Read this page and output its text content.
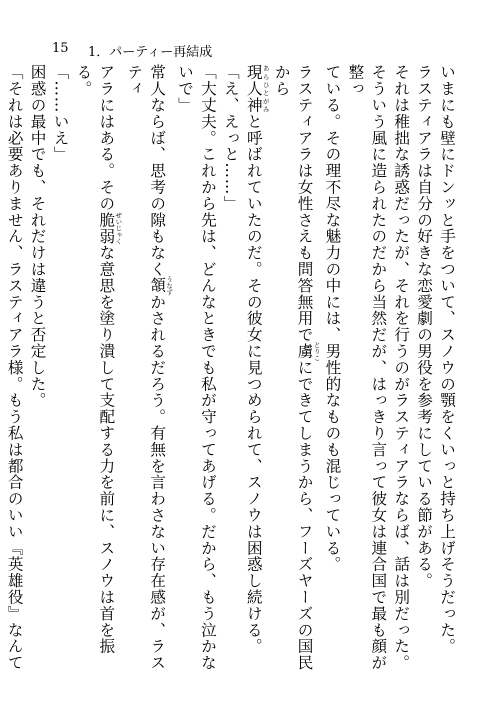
15	1．パーティー再結成

いまにも壁にドンッと手をついて、スノウの顎をくいっと持ち上げそうだった。

ラスティアラは自分の好きな恋愛劇の男役を参考にしている節がある。

それは稚拙な誘惑だったが、それを行うのがラスティアラならば、話は別だった。

そういう風に造られたのだから当然だが、はっきり言って彼女は連合国で最も顔が整っ

ている。その理不尽な魅力の中には、男性的なものも混じっている。

ラスティアラは女性さえも問答無用で虜 とりこにできてしまうから、フーズヤーズの国民から

現人神 あらひとがみと呼ばれていたのだ。その彼女に見つめられて、スノウは困惑し続ける。

「え、えっと……」

「大丈夫。これから先は、どんなときでも私が守ってあげる。だから、もう泣かないで」

常人ならば、思考の隙もなく頷 うなずかされるだろう。有無を言わさない存在感が、ラスティ

アラにはある。その脆弱 ぜいじゃくな意思を塗り潰して支配する力を前に、スノウは首を振る。

「……いえ」

困惑の最中でも、それだけは違うと否定した。

「それは必要ありません、ラスティアラ様。もう私は都合のいい『英雄役』なんて
